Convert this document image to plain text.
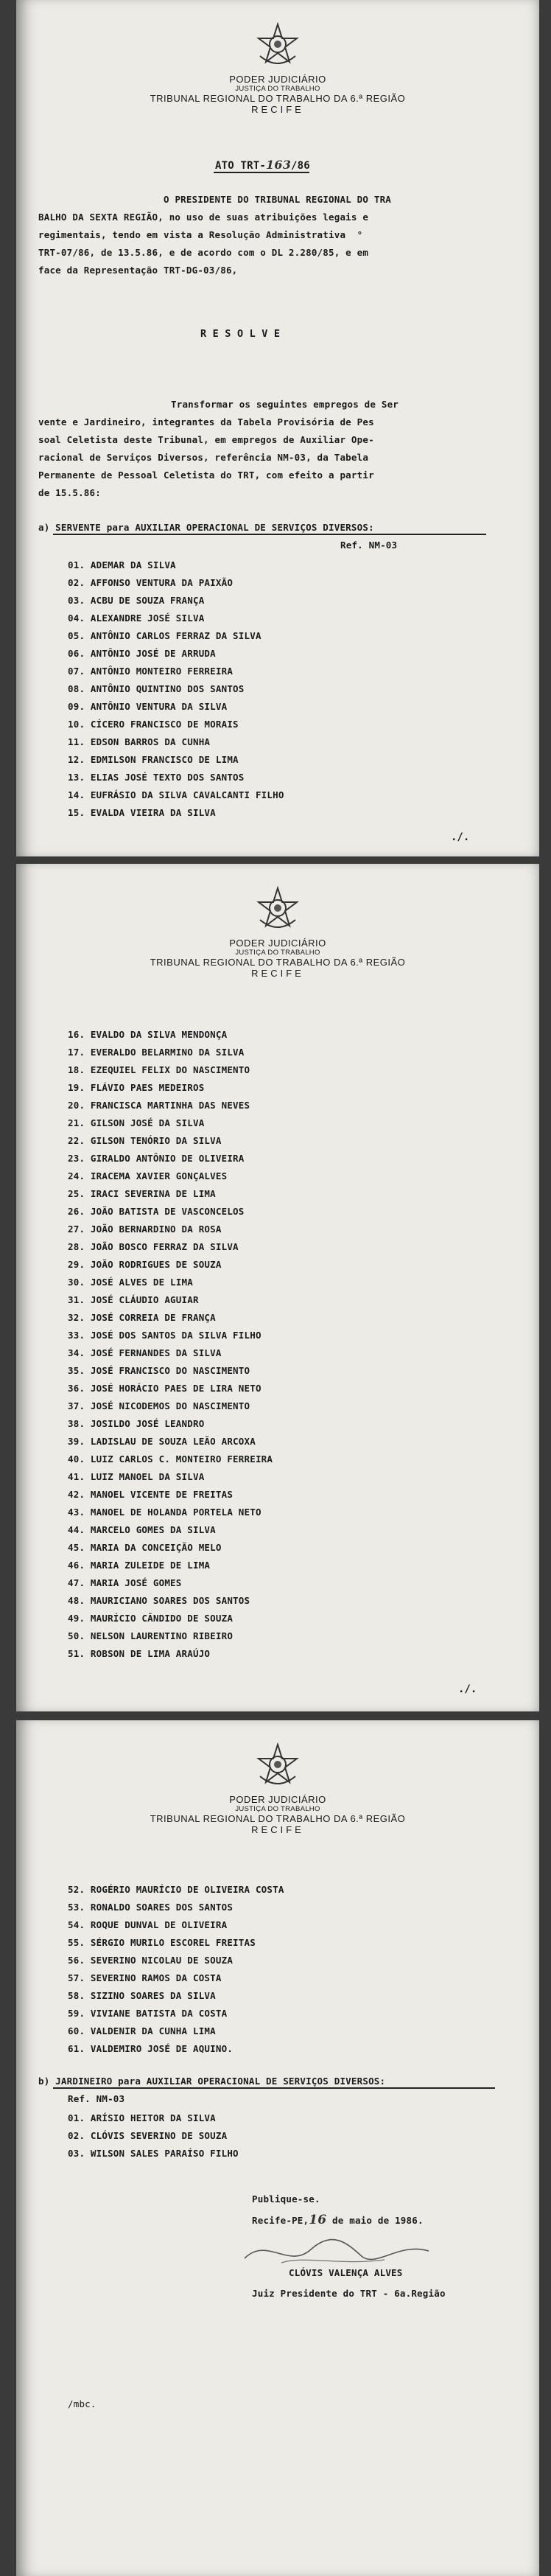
PODER JUDICIÁRIO
JUSTIÇA DO TRABALHO
TRIBUNAL REGIONAL DO TRABALHO DA 6.ª REGIÃO
RECIFE
ATO TRT-163/86
O PRESIDENTE DO TRIBUNAL REGIONAL DO TRA
BALHO DA SEXTA REGIÃO, no uso de suas atribuições legais e
regimentais, tendo em vista a Resolução Administrativa  °
TRT-07/86, de 13.5.86, e de acordo com o DL 2.280/85, e em
face da Representação TRT-DG-03/86,
R E S O L V E
Transformar os seguintes empregos de Ser
vente e Jardineiro, integrantes da Tabela Provisória de Pes
soal Celetista deste Tribunal, em empregos de Auxiliar Ope-
racional de Serviços Diversos, referência NM-03, da Tabela
Permanente de Pessoal Celetista do TRT, com efeito a partir
de 15.5.86:
a) SERVENTE para AUXILIAR OPERACIONAL DE SERVIÇOS DIVERSOS:
Ref. NM-03
01. ADEMAR DA SILVA
02. AFFONSO VENTURA DA PAIXÃO
03. ACBU DE SOUZA FRANÇA
04. ALEXANDRE JOSÉ SILVA
05. ANTÔNIO CARLOS FERRAZ DA SILVA
06. ANTÔNIO JOSÉ DE ARRUDA
07. ANTÔNIO MONTEIRO FERREIRA
08. ANTÔNIO QUINTINO DOS SANTOS
09. ANTÔNIO VENTURA DA SILVA
10. CÍCERO FRANCISCO DE MORAIS
11. EDSON BARROS DA CUNHA
12. EDMILSON FRANCISCO DE LIMA
13. ELIAS JOSÉ TEXTO DOS SANTOS
14. EUFRÁSIO DA SILVA CAVALCANTI FILHO
15. EVALDA VIEIRA DA SILVA
./.
PODER JUDICIÁRIO
JUSTIÇA DO TRABALHO
TRIBUNAL REGIONAL DO TRABALHO DA 6.ª REGIÃO
RECIFE
16. EVALDO DA SILVA MENDONÇA
17. EVERALDO BELARMINO DA SILVA
18. EZEQUIEL FELIX DO NASCIMENTO
19. FLÁVIO PAES MEDEIROS
20. FRANCISCA MARTINHA DAS NEVES
21. GILSON JOSÉ DA SILVA
22. GILSON TENÓRIO DA SILVA
23. GIRALDO ANTÔNIO DE OLIVEIRA
24. IRACEMA XAVIER GONÇALVES
25. IRACI SEVERINA DE LIMA
26. JOÃO BATISTA DE VASCONCELOS
27. JOÃO BERNARDINO DA ROSA
28. JOÃO BOSCO FERRAZ DA SILVA
29. JOÃO RODRIGUES DE SOUZA
30. JOSÉ ALVES DE LIMA
31. JOSÉ CLÁUDIO AGUIAR
32. JOSÉ CORREIA DE FRANÇA
33. JOSÉ DOS SANTOS DA SILVA FILHO
34. JOSÉ FERNANDES DA SILVA
35. JOSÉ FRANCISCO DO NASCIMENTO
36. JOSÉ HORÁCIO PAES DE LIRA NETO
37. JOSÉ NICODEMOS DO NASCIMENTO
38. JOSILDO JOSÉ LEANDRO
39. LADISLAU DE SOUZA LEÃO ARCOXA
40. LUIZ CARLOS C. MONTEIRO FERREIRA
41. LUIZ MANOEL DA SILVA
42. MANOEL VICENTE DE FREITAS
43. MANOEL DE HOLANDA PORTELA NETO
44. MARCELO GOMES DA SILVA
45. MARIA DA CONCEIÇÃO MELO
46. MARIA ZULEIDE DE LIMA
47. MARIA JOSÉ GOMES
48. MAURICIANO SOARES DOS SANTOS
49. MAURÍCIO CÂNDIDO DE SOUZA
50. NELSON LAURENTINO RIBEIRO
51. ROBSON DE LIMA ARAÚJO
./.
PODER JUDICIÁRIO
JUSTIÇA DO TRABALHO
TRIBUNAL REGIONAL DO TRABALHO DA 6.ª REGIÃO
RECIFE
52. ROGÉRIO MAURÍCIO DE OLIVEIRA COSTA
53. RONALDO SOARES DOS SANTOS
54. ROQUE DUNVAL DE OLIVEIRA
55. SÉRGIO MURILO ESCOREL FREITAS
56. SEVERINO NICOLAU DE SOUZA
57. SEVERINO RAMOS DA COSTA
58. SIZINO SOARES DA SILVA
59. VIVIANE BATISTA DA COSTA
60. VALDENIR DA CUNHA LIMA
61. VALDEMIRO JOSÉ DE AQUINO.
b) JARDINEIRO para AUXILIAR OPERACIONAL DE SERVIÇOS DIVERSOS:
Ref. NM-03
01. ARÍSIO HEITOR DA SILVA
02. CLÓVIS SEVERINO DE SOUZA
03. WILSON SALES PARAÍSO FILHO
Publique-se.
Recife-PE,16 de maio de 1986.
CLÓVIS VALENÇA ALVES
Juiz Presidente do TRT - 6a.Região
/mbc.
